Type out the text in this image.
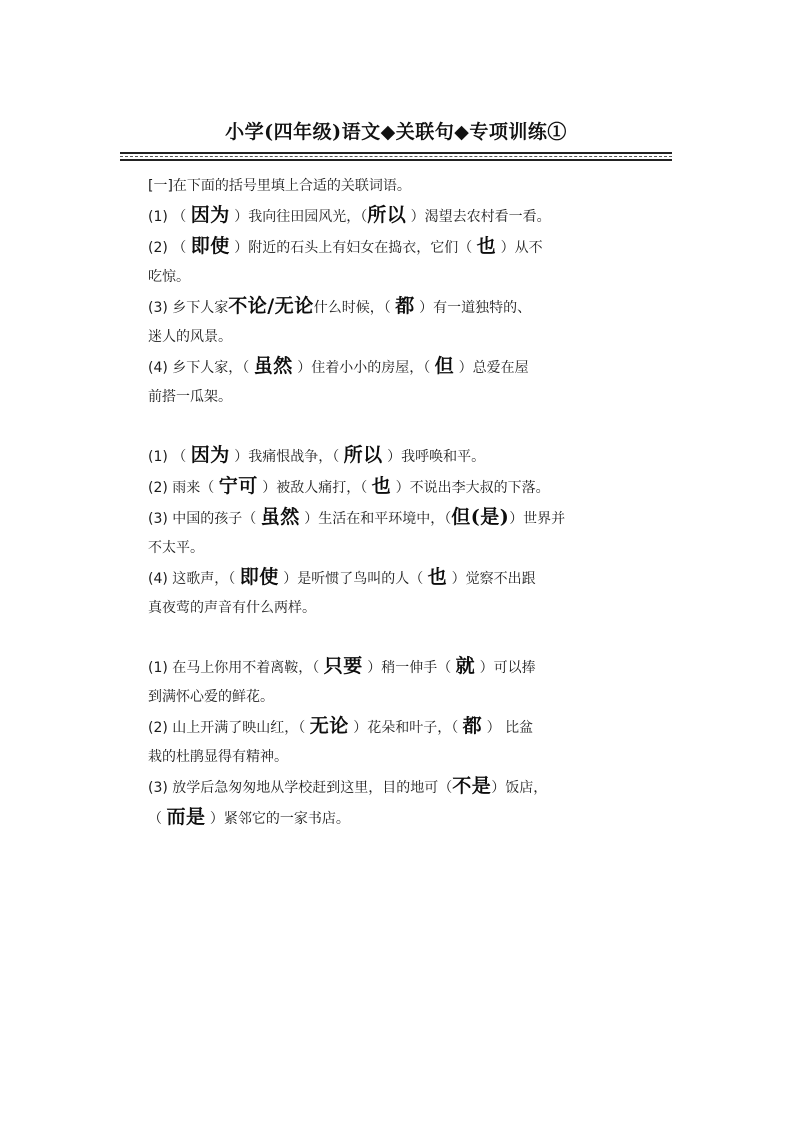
小学(四年级)语文◆关联句◆专项训练①
[一]在下面的括号里填上合适的关联词语。
(1) （ 因为 ）我向往田园风光，（所以 ）渴望去农村看一看。
(2) （ 即使 ）附近的石头上有妇女在捣衣，它们（ 也 ）从不
吃惊。
(3) 乡下人家不论/无论什么时候，（ 都 ）有一道独特的、
迷人的风景。
(4) 乡下人家，（ 虽然 ）住着小小的房屋，（ 但 ）总爱在屋
前搭一瓜架。
(1) （ 因为 ）我痛恨战争，（ 所以 ）我呼唤和平。
(2) 雨来（ 宁可 ）被敌人痛打，（ 也 ）不说出李大叔的下落。
(3) 中国的孩子（ 虽然 ）生活在和平环境中，（但(是)）世界并
不太平。
(4) 这歌声，（ 即使 ）是听惯了鸟叫的人（ 也 ）觉察不出跟
真夜莺的声音有什么两样。
(1) 在马上你用不着离鞍，（ 只要 ）稍一伸手（ 就 ）可以捧
到满怀心爱的鲜花。
(2) 山上开满了映山红，（ 无论 ）花朵和叶子，（ 都 ） 比盆
栽的杜鹃显得有精神。
(3) 放学后急匆匆地从学校赶到这里，目的地可（不是）饭店，
（ 而是 ）紧邻它的一家书店。
